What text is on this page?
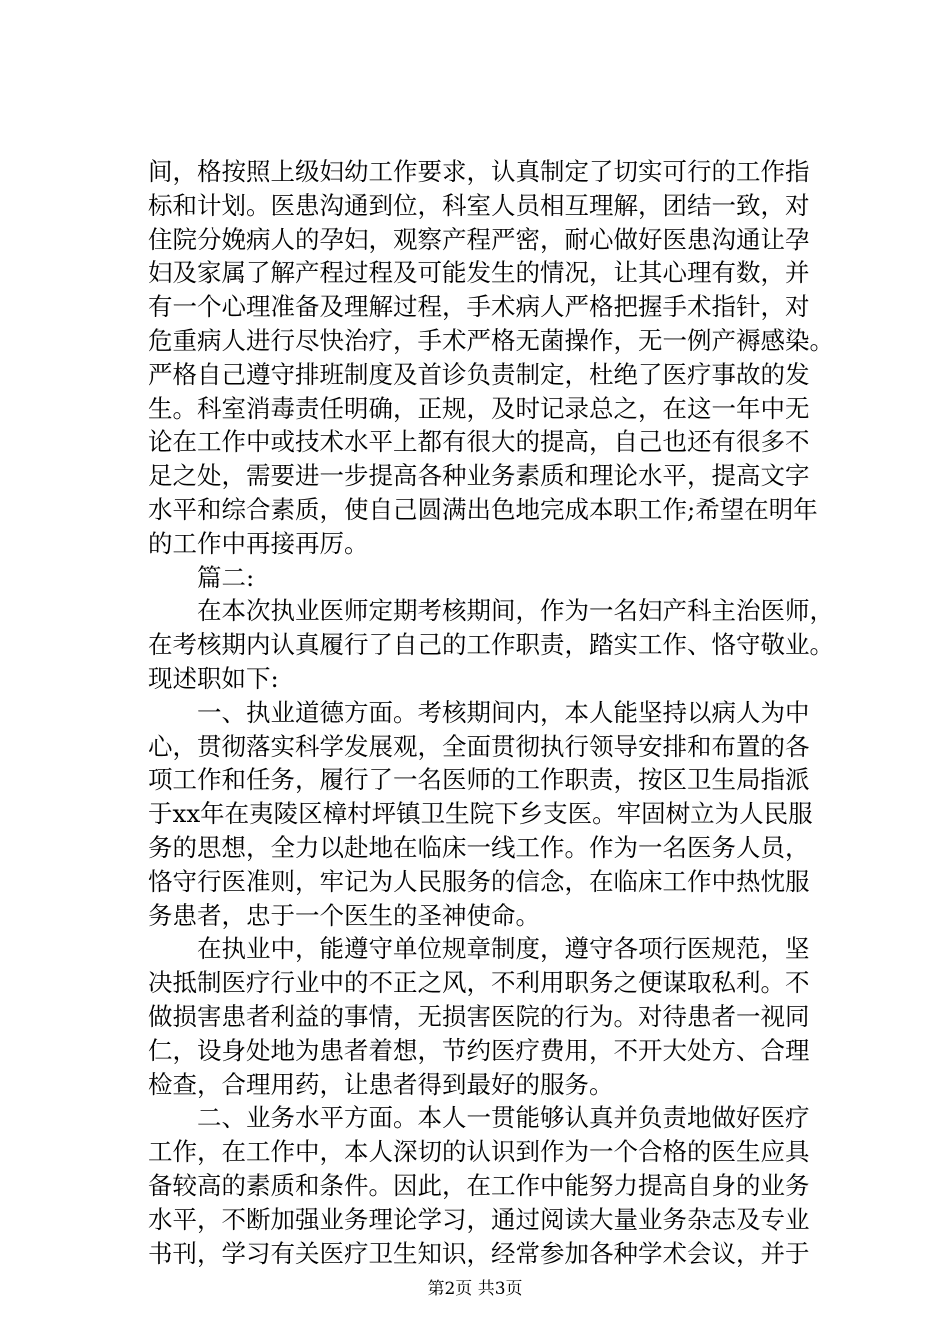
间，格按照上级妇幼工作要求，认真制定了切实可行的工作指
标和计划。医患沟通到位，科室人员相互理解，团结一致，对
住院分娩病人的孕妇，观察产程严密，耐心做好医患沟通让孕
妇及家属了解产程过程及可能发生的情况，让其心理有数，并
有一个心理准备及理解过程，手术病人严格把握手术指针，对
危重病人进行尽快治疗，手术严格无菌操作，无一例产褥感染。
严格自己遵守排班制度及首诊负责制定，杜绝了医疗事故的发
生。科室消毒责任明确，正规，及时记录总之，在这一年中无
论在工作中或技术水平上都有很大的提高，自己也还有很多不
足之处，需要进一步提高各种业务素质和理论水平，提高文字
水平和综合素质，使自己圆满出色地完成本职工作;希望在明年
的工作中再接再厉。
　　篇二:
　　在本次执业医师定期考核期间，作为一名妇产科主治医师，
在考核期内认真履行了自己的工作职责，踏实工作、恪守敬业。
现述职如下:
　　一、执业道德方面。考核期间内，本人能坚持以病人为中
心，贯彻落实科学发展观，全面贯彻执行领导安排和布置的各
项工作和任务，履行了一名医师的工作职责，按区卫生局指派
于xx年在夷陵区樟村坪镇卫生院下乡支医。牢固树立为人民服
务的思想，全力以赴地在临床一线工作。作为一名医务人员，
恪守行医准则，牢记为人民服务的信念，在临床工作中热忱服
务患者，忠于一个医生的圣神使命。
　　在执业中，能遵守单位规章制度，遵守各项行医规范，坚
决抵制医疗行业中的不正之风，不利用职务之便谋取私利。不
做损害患者利益的事情，无损害医院的行为。对待患者一视同
仁，设身处地为患者着想，节约医疗费用，不开大处方、合理
检查，合理用药，让患者得到最好的服务。
　　二、业务水平方面。本人一贯能够认真并负责地做好医疗
工作，在工作中，本人深切的认识到作为一个合格的医生应具
备较高的素质和条件。因此，在工作中能努力提高自身的业务
水平，不断加强业务理论学习，通过阅读大量业务杂志及专业
书刊，学习有关医疗卫生知识，经常参加各种学术会议，并于
第2页 共3页
